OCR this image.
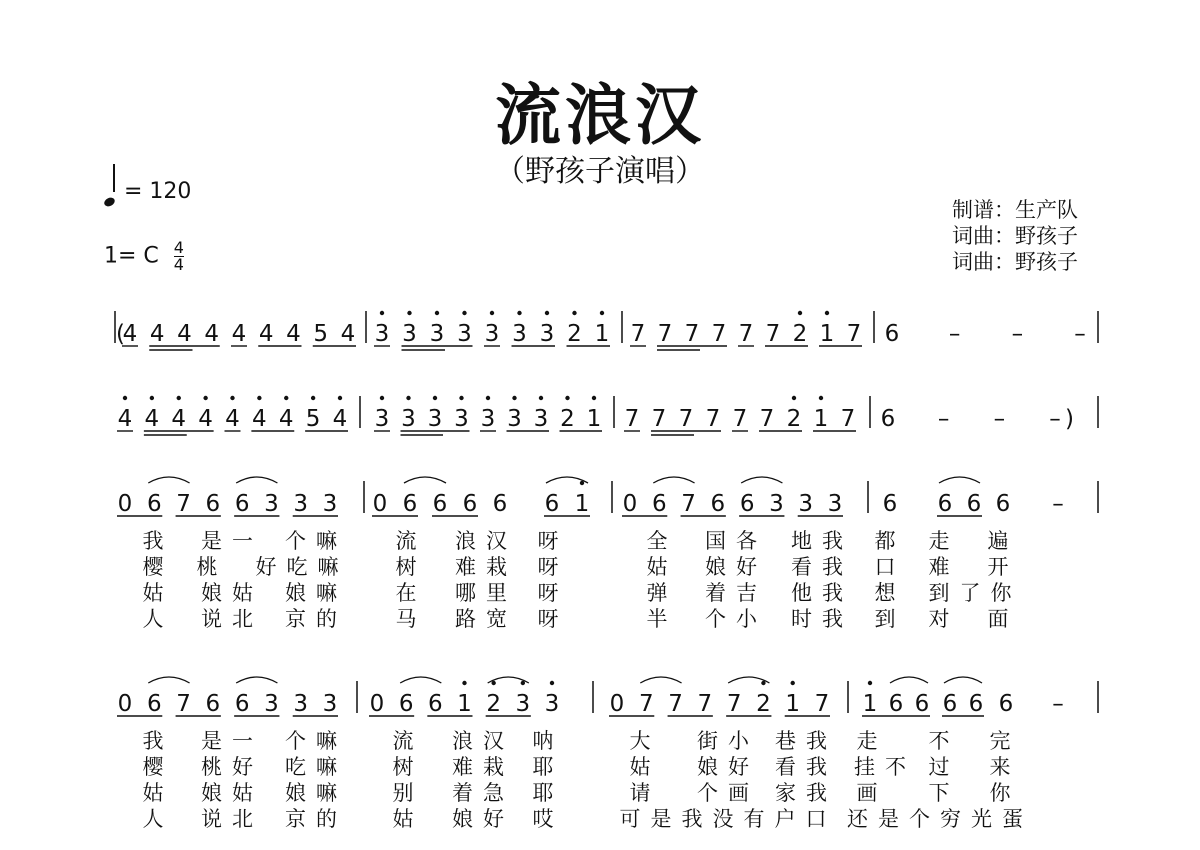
流浪汉
（野孩子演唱）
= 120
1= C $\frac{4}{4}$
制谱：生产队
词曲：野孩子
词曲：野孩子
(
4 4 4 4 4 4 4 5 4 3 3 3 3 3 3 3 2 1 7 7 7 7 7 7 2 1 7 6 – – –
4 4 4 4 4 4 4 5 4 3 3 3 3 3 3 3 2 1 7 7 7 7 7 7 2 1 7 6 – – – )
0 6 7 6 6 3 3 3 0 6 6 6 6 6 1 0 6 7 6 6 3 3 3 6 6 6 6 –
0 6 7 6 6 3 3 3 0 6 6 1 2 3 3 0 7 7 7 7 2 1 7 1 6 6 6 6 6 –
我 是一 个嘛 流 浪汉 呀	全 国各 地我 都 走 遍
樱 桃 好吃嘛 树 难栽 呀	姑 娘好 看我 口 难 开
姑 娘姑 娘嘛 在 哪里 呀	弹 着吉 他我 想 到了你
人 说北 京的 马 路宽 呀	半 个小 时我 到 对 面
我 是一 个嘛 流 浪汉 呐	大 街小 巷我 走 不 完
樱 桃好 吃嘛 树 难栽 耶	姑 娘好 看我 挂不 过 来
姑 娘姑 娘嘛 别 着急 耶	请 个画 家我 画 下 你
人 说北 京的 姑 娘好 哎	可是我没有户口 还是个穷光蛋
